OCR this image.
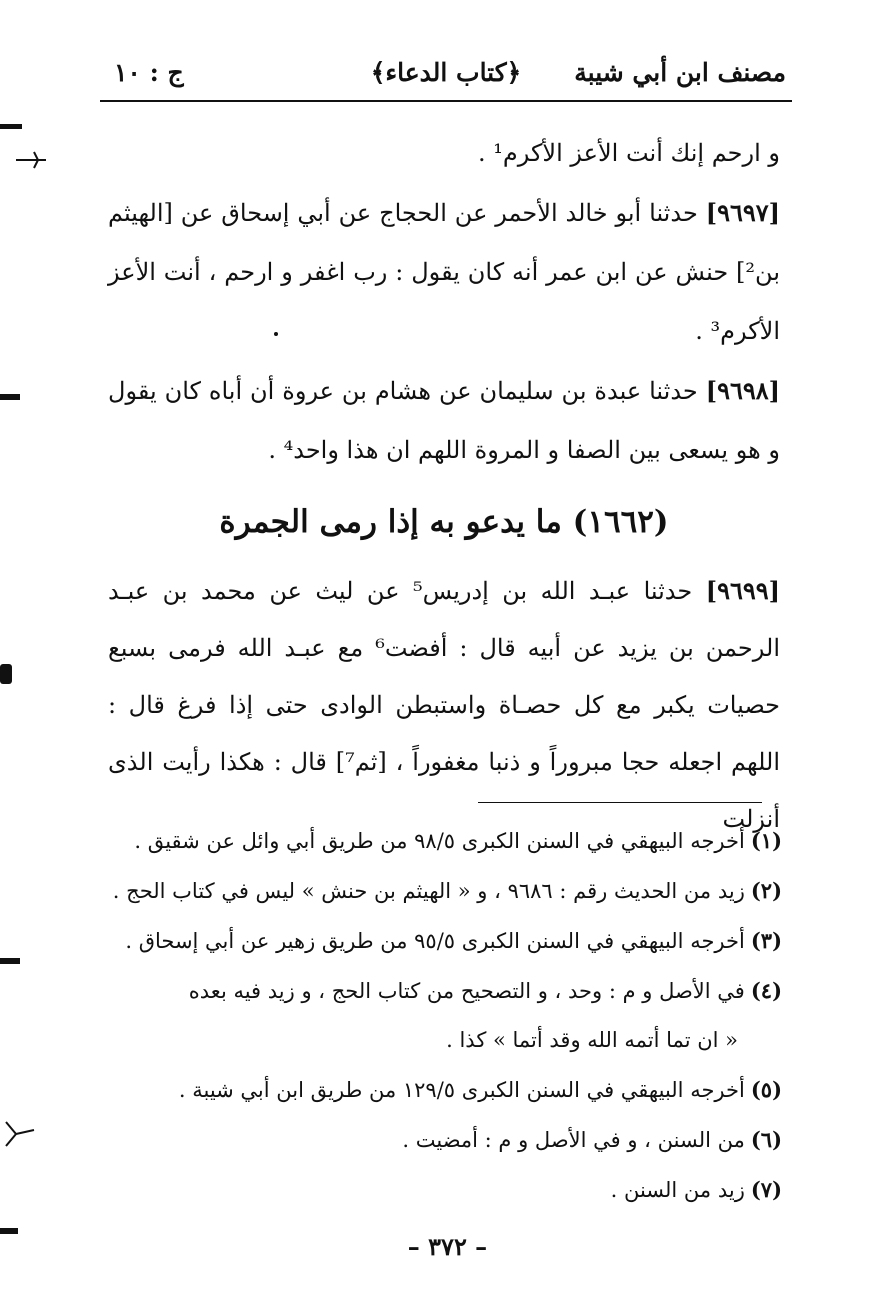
مصنف ابن أبي شيبة
﴿كتاب الدعاء﴾
ج : ١٠

و ارحم إنك أنت الأعز الأكرم¹ .

[٩٦٩٧] حدثنا أبو خالد الأحمر عن الحجاج عن أبي إسحاق عن [الهيثم بن²] حنش عن ابن عمر أنه كان يقول : رب اغفر و ارحم ، أنت الأعز الأكرم³ .

[٩٦٩٨] حدثنا عبدة بن سليمان عن هشام بن عروة أن أباه كان يقول و هو يسعى بين الصفا و المروة اللهم ان هذا واحد⁴ .

(١٦٦٢) ما يدعو به إذا رمى الجمرة

[٩٦٩٩] حدثنا عبـد الله بن إدريس⁵ عن ليث عن محمد بن عبـد الرحمن بن يزيد عن أبيه قال : أفضت⁶ مع عبـد الله فرمى بسبع حصيات يكبر مع كل حصـاة واستبطن الوادى حتى إذا فرغ قال : اللهم اجعله حجا مبروراً و ذنبا مغفوراً ، [ثم⁷] قال : هكذا رأيت الذى أنزلت

(١)أخرجه البيهقي في السنن الكبرى ٩٨/٥ من طريق أبي وائل عن شقيق .

(٢)زيد من الحديث رقم : ٩٦٨٦ ، و « الهيثم بن حنش » ليس في كتاب الحج .

(٣)أخرجه البيهقي في السنن الكبرى ٩٥/٥ من طريق زهير عن أبي إسحاق .

(٤)في الأصل و م : وحد ، و التصحيح من كتاب الحج ، و زيد فيه بعده

« ان تما أتمه الله وقد أتما » كذا .

(٥)أخرجه البيهقي في السنن الكبرى ١٢٩/٥ من طريق ابن أبي شيبة .

(٦)من السنن ، و في الأصل و م : أمضيت .

(٧)زيد من السنن .

– ٣٧٢ –
